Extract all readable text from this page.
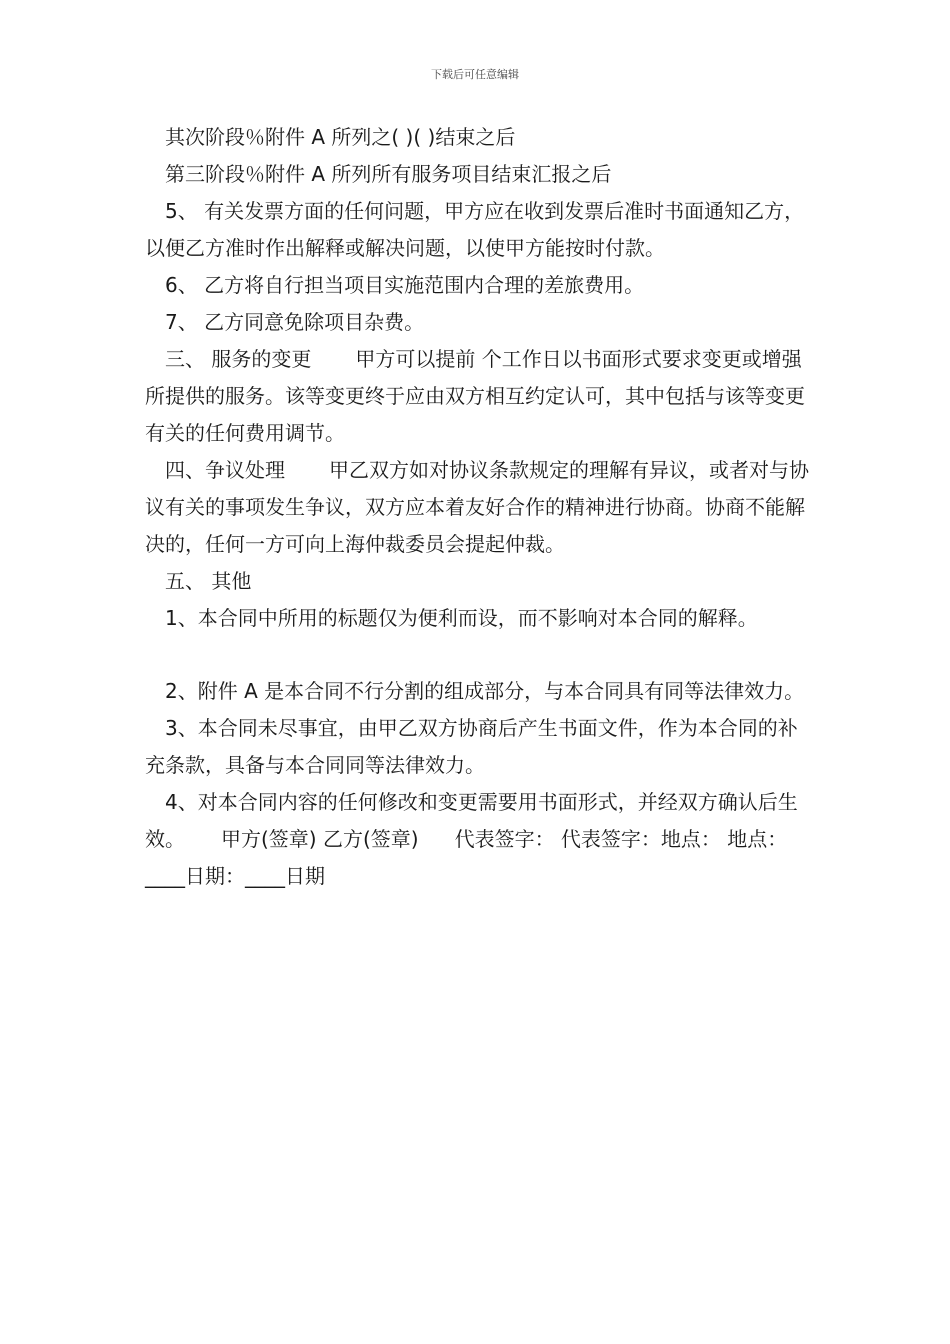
下载后可任意编辑

其次阶段％附件 A 所列之( )( )结束之后

第三阶段％附件 A 所列所有服务项目结束汇报之后

5、 有关发票方面的任何问题，甲方应在收到发票后准时书面通知乙方，以便乙方准时作出解释或解决问题，以使甲方能按时付款。

6、 乙方将自行担当项目实施范围内合理的差旅费用。

7、 乙方同意免除项目杂费。

三、 服务的变更 甲方可以提前 个工作日以书面形式要求变更或增强所提供的服务。该等变更终于应由双方相互约定认可，其中包括与该等变更有关的任何费用调节。

四、争议处理 甲乙双方如对协议条款规定的理解有异议，或者对与协议有关的事项发生争议，双方应本着友好合作的精神进行协商。协商不能解决的，任何一方可向上海仲裁委员会提起仲裁。

五、 其他

1、本合同中所用的标题仅为便利而设，而不影响对本合同的解释。

2、附件 A 是本合同不行分割的组成部分，与本合同具有同等法律效力。

3、本合同未尽事宜，由甲乙双方协商后产生书面文件，作为本合同的补充条款，具备与本合同同等法律效力。

4、对本合同内容的任何修改和变更需要用书面形式，并经双方确认后生效。 甲方(签章) 乙方(签章) 代表签字： 代表签字：地点： 地点：____日期：____日期
